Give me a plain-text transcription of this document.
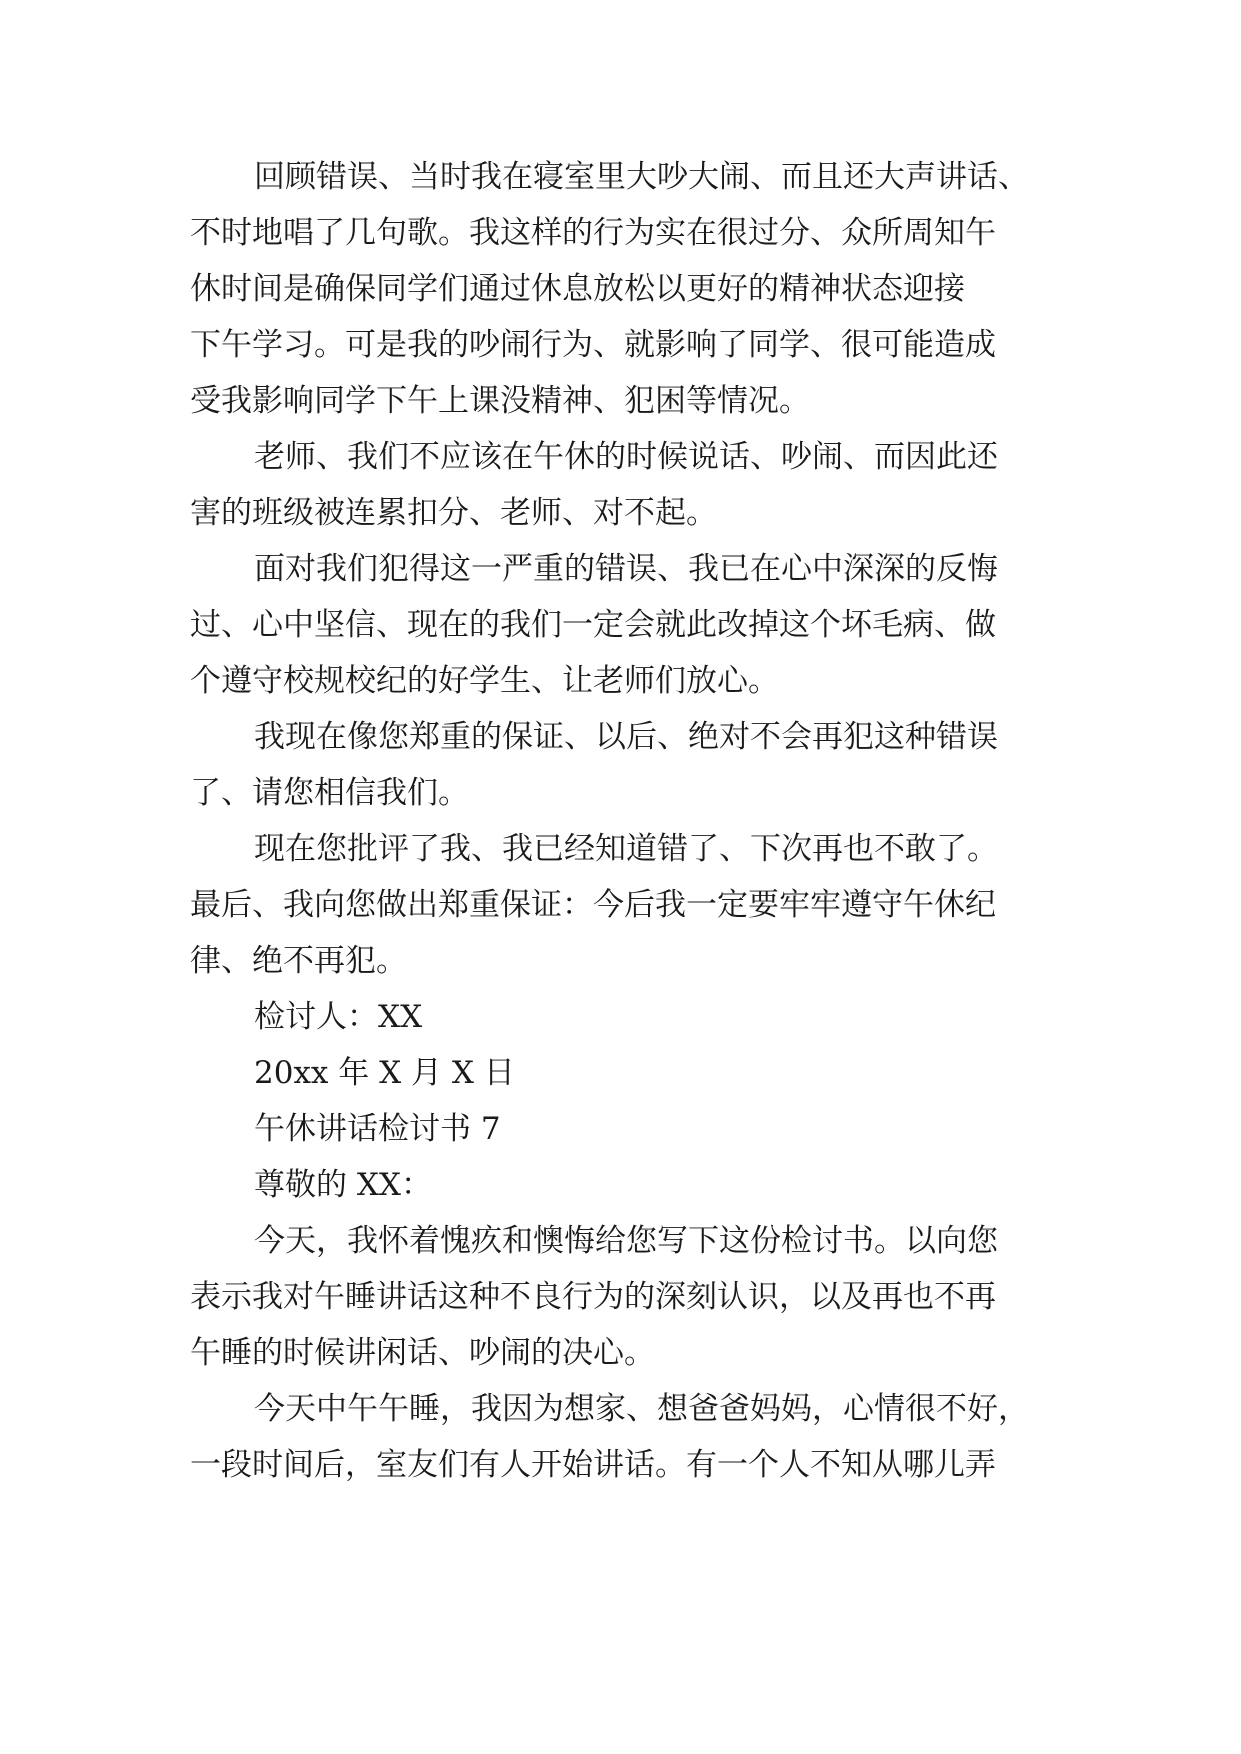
回顾错误、当时我在寝室里大吵大闹、而且还大声讲话、
不时地唱了几句歌。我这样的行为实在很过分、众所周知午
休时间是确保同学们通过休息放松以更好的精神状态迎接
下午学习。可是我的吵闹行为、就影响了同学、很可能造成
受我影响同学下午上课没精神、犯困等情况。
老师、我们不应该在午休的时候说话、吵闹、而因此还
害的班级被连累扣分、老师、对不起。
面对我们犯得这一严重的错误、我已在心中深深的反悔
过、心中坚信、现在的我们一定会就此改掉这个坏毛病、做
个遵守校规校纪的好学生、让老师们放心。
我现在像您郑重的保证、以后、绝对不会再犯这种错误
了、请您相信我们。
现在您批评了我、我已经知道错了、下次再也不敢了。
最后、我向您做出郑重保证：今后我一定要牢牢遵守午休纪
律、绝不再犯。
检讨人：XX
20xx 年 X 月 X 日
午休讲话检讨书 7
尊敬的 XX：
今天，我怀着愧疚和懊悔给您写下这份检讨书。以向您
表示我对午睡讲话这种不良行为的深刻认识，以及再也不再
午睡的时候讲闲话、吵闹的决心。
今天中午午睡，我因为想家、想爸爸妈妈，心情很不好，
一段时间后，室友们有人开始讲话。有一个人不知从哪儿弄
